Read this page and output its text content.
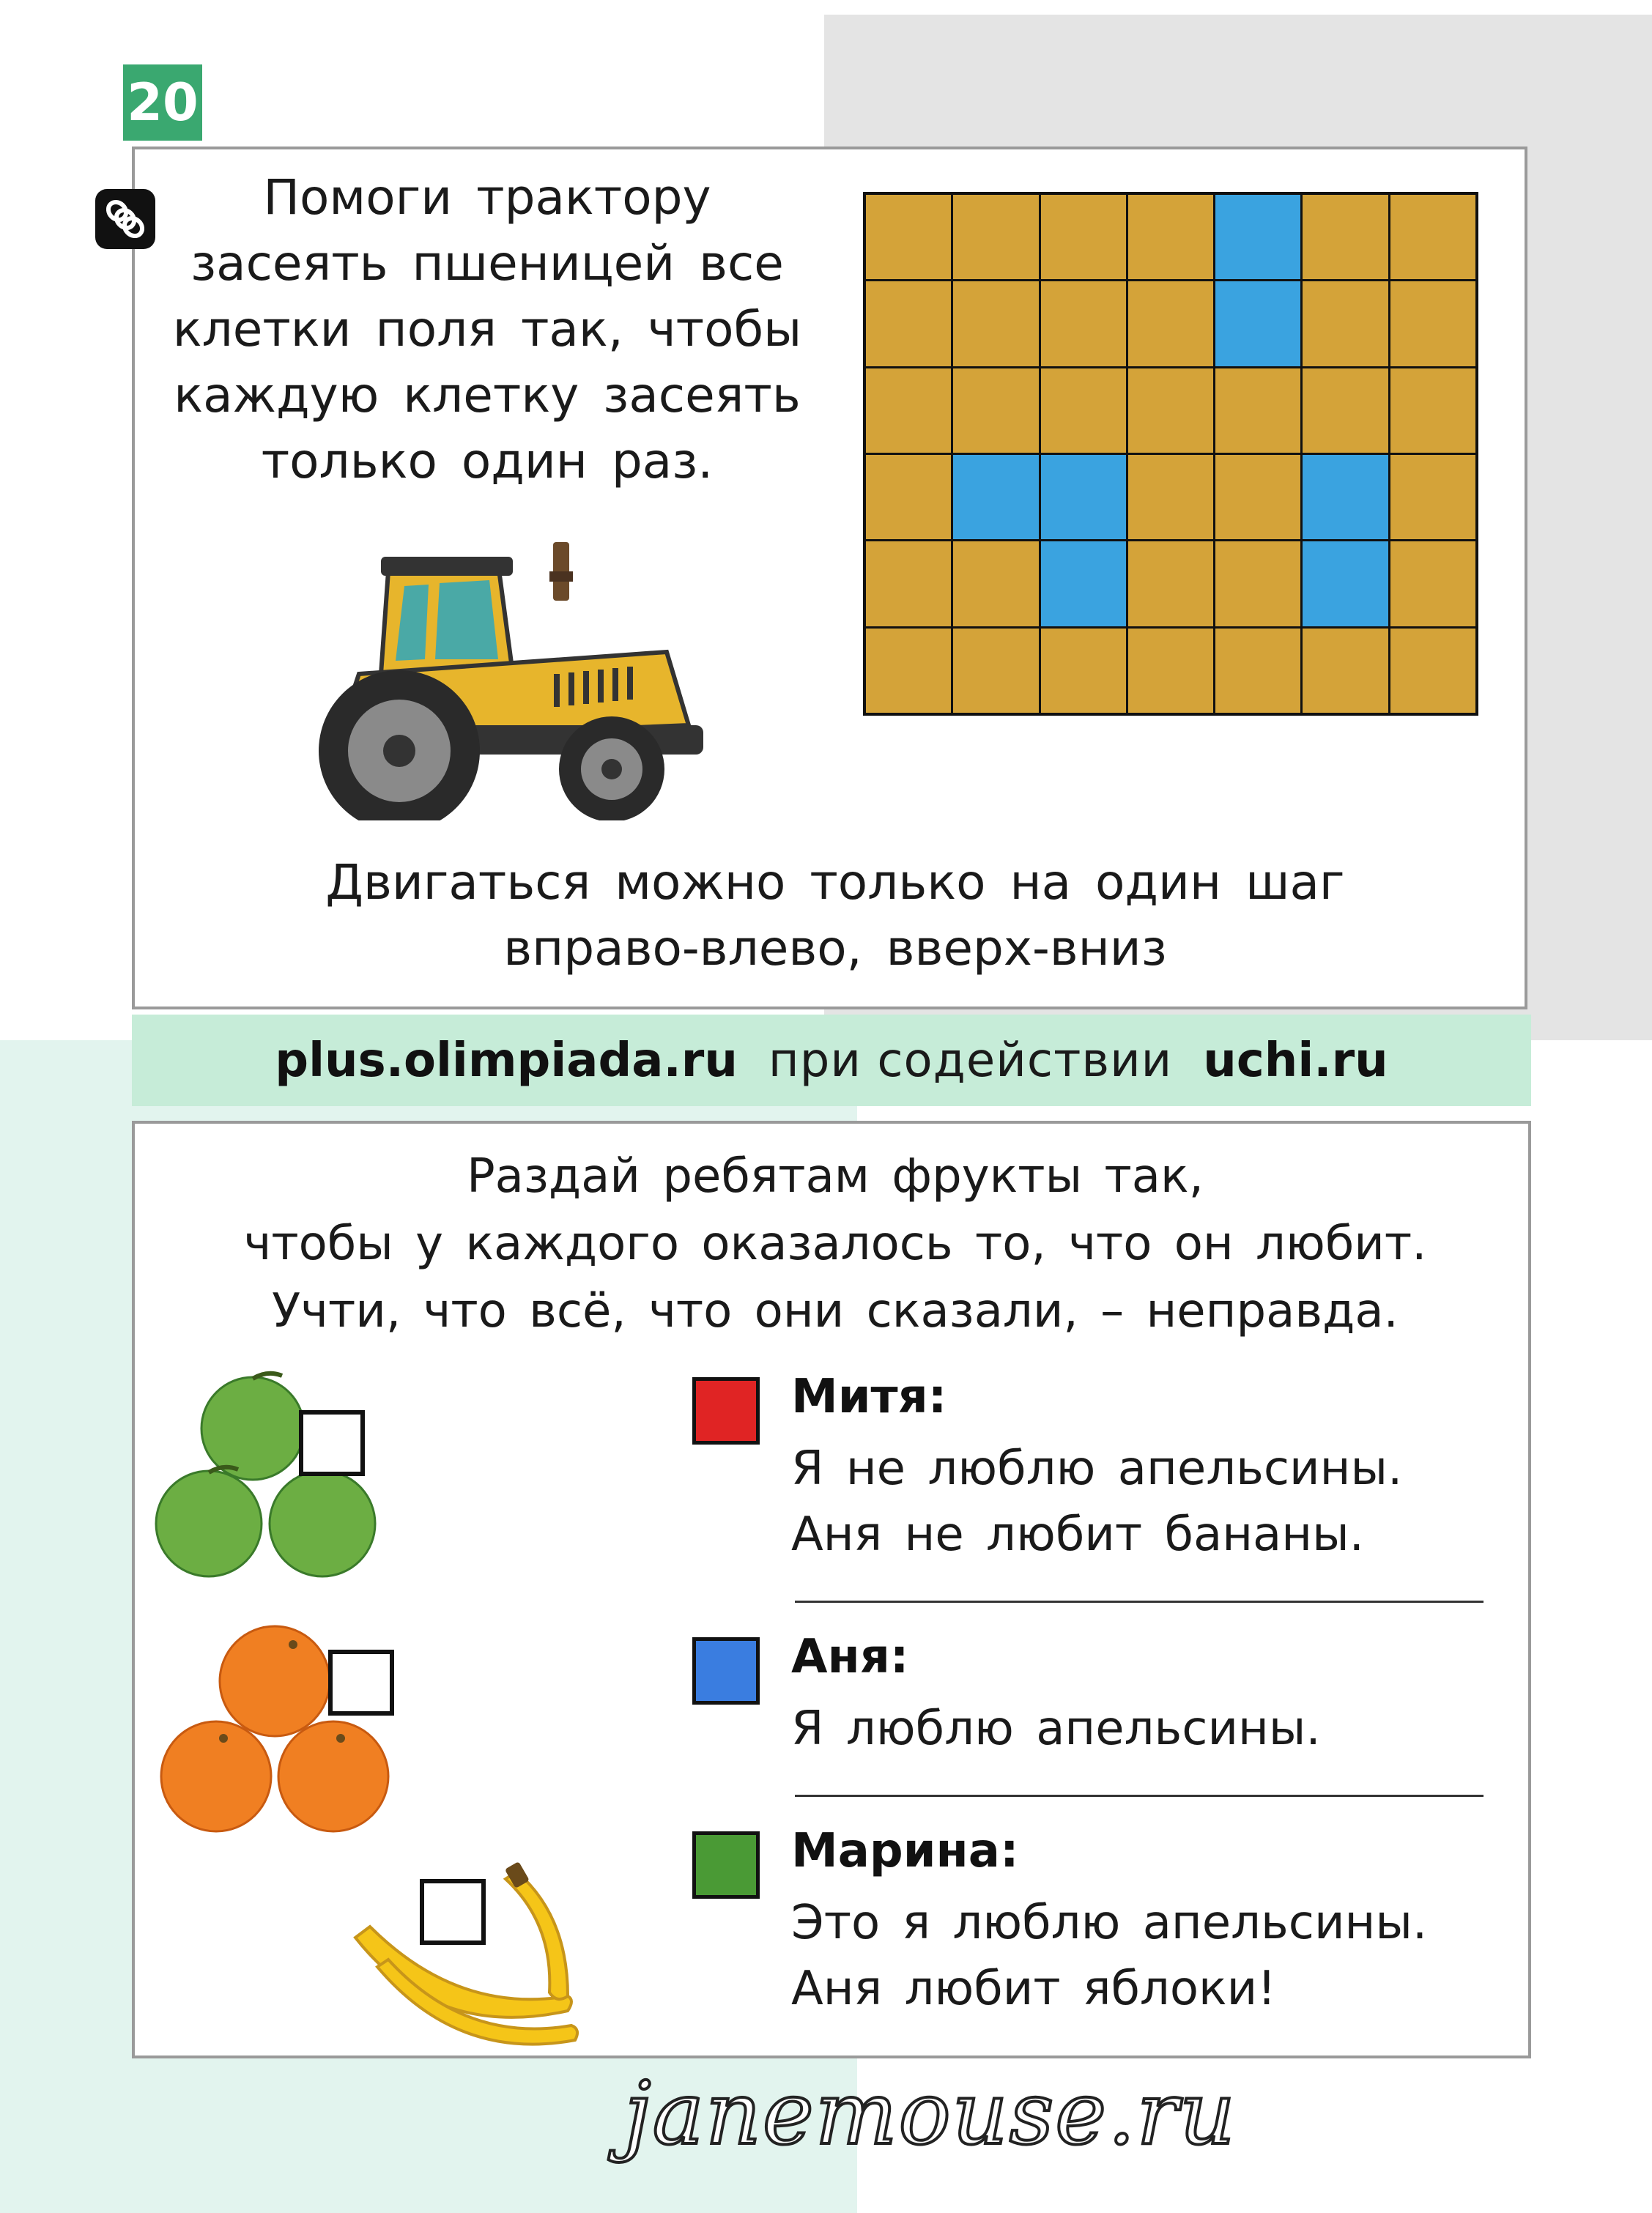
20
Помоги трактору
засеять пшеницей все
клетки поля так, чтобы
каждую клетку засеять
только один раз.
Двигаться можно только на один шаг
вправо-влево, вверх-вниз
plus.olimpiada.ru при содействии uchi.ru
Раздай ребятам фрукты так,
чтобы у каждого оказалось то, что он любит.
Учти, что всё, что они сказали, – неправда.
Митя:
Я не люблю апельсины.
Аня не любит бананы.
Аня:
Я люблю апельсины.
Марина:
Это я люблю апельсины.
Аня любит яблоки!
janemouse.ru
